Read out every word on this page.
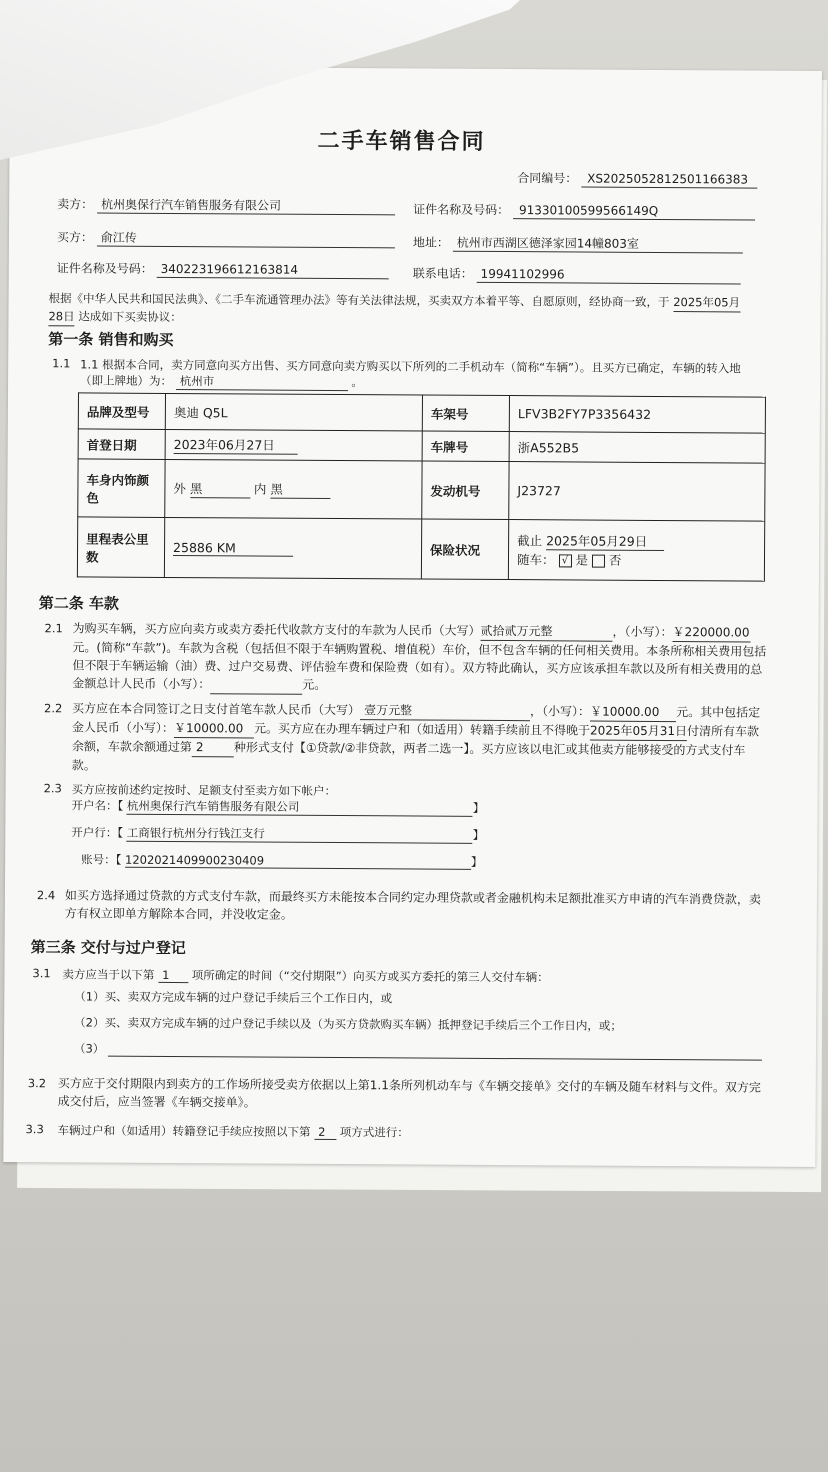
二手车销售合同
合同编号： XS2025052812501166383
卖方： 杭州奥保行汽车销售服务有限公司	证件名称及号码： 91330100599566149Q
买方： 俞江传	地址： 杭州市西湖区德泽家园14幢803室
证件名称及号码： 340223196612163814	联系电话： 19941102996
根据《中华人民共和国民法典》、《二手车流通管理办法》等有关法律法规，买卖双方本着平等、自愿原则，经协商一致，于 2025年05月
28日 达成如下买卖协议：
第一条 销售和购买
1.1 1.1 根据本合同，卖方同意向买方出售、买方同意向卖方购买以下所列的二手机动车（简称“车辆”）。且买方已确定，车辆的转入地
（即上牌地）为： 杭州市	。
品牌及型号	奥迪 Q5L	车架号	LFV3B2FY7P3356432
首登日期	2023年06月27日	车牌号	浙A552B5
车身内饰颜色	外 黑 内 黑	发动机号	J23727
里程表公里数	25886 KM	保险状况	截止 2025年05月29日
随车： √ 是 否
第二条 车款
2.1 为购买车辆，买方应向卖方或卖方委托代收款方支付的车款为人民币（大写）贰拾贰万元整	，（小写）：￥220000.00元。(简称“车款”)。车款为含税（包括但不限于车辆购置税、增值税）车价，但不包含车辆的任何相关费用。本条所称相关费用包括但不限于车辆运输（油）费、过户交易费、评估验车费和保险费（如有）。双方特此确认，买方应该承担车款以及所有相关费用的总金额总计人民币（小写）：	元。
2.2 买方应在本合同签订之日支付首笔车款人民币（大写） 壹万元整	，（小写）：￥10000.00 元。其中包括定金人民币（小写）：￥10000.00 元。买方应在办理车辆过户和（如适用）转籍手续前且不得晚于2025年05月31日付清所有车款余额，车款余额通过第 2	种形式支付【①贷款/②非贷款，两者二选一】。买方应该以电汇或其他卖方能够接受的方式支付车款。
2.3 买方应按前述约定按时、足额支付至卖方如下帐户：
开户名：【 杭州奥保行汽车销售服务有限公司	】
开户行：【 工商银行杭州分行钱江支行	】
账号：【 1202021409900230409	】
2.4 如买方选择通过贷款的方式支付车款，而最终买方未能按本合同约定办理贷款或者金融机构未足额批准买方申请的汽车消费贷款，卖方有权立即单方解除本合同，并没收定金。
第三条 交付与过户登记
3.1 卖方应当于以下第 1 项所确定的时间（“交付期限”）向买方或买方委托的第三人交付车辆：
（1）买、卖双方完成车辆的过户登记手续后三个工作日内，或
（2）买、卖双方完成车辆的过户登记手续以及（为买方贷款购买车辆）抵押登记手续后三个工作日内，或；
（3）
3.2 买方应于交付期限内到卖方的工作场所接受卖方依据以上第1.1条所列机动车与《车辆交接单》交付的车辆及随车材料与文件。双方完成交付后，应当签署《车辆交接单》。
3.3 车辆过户和（如适用）转籍登记手续应按照以下第 2 项方式进行：
